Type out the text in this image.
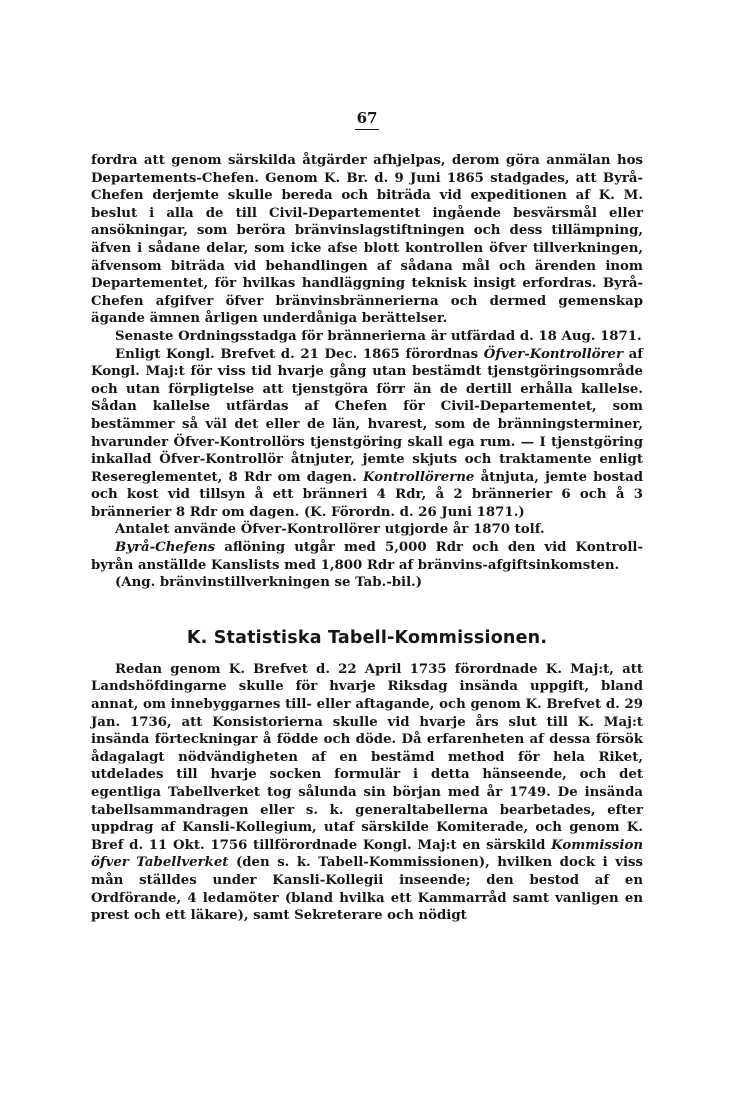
67

fordra att genom särskilda åtgärder afhjelpas, derom göra anmälan hos Departements-Chefen. Genom K. Br. d. 9 Juni 1865 stadgades, att Byrå-Chefen derjemte skulle bereda och biträda vid expeditionen af K. M. beslut i alla de till Civil-Departementet ingående besvärsmål eller ansökningar, som beröra bränvinslagstiftningen och dess tillämpning, äfven i sådane delar, som icke afse blott kontrollen öfver tillverkningen, äfvensom biträda vid behandlingen af sådana mål och ärenden inom Departementet, för hvilkas handläggning teknisk insigt erfordras. Byrå-Chefen afgifver öfver bränvinsbrännerierna och dermed gemenskap ägande ämnen årligen underdåniga berättelser.

Senaste Ordningsstadga för brännerierna är utfärdad d. 18 Aug. 1871.

Enligt Kongl. Brefvet d. 21 Dec. 1865 förordnas Öfver-Kontrollörer af Kongl. Maj:t för viss tid hvarje gång utan bestämdt tjenstgöringsområde och utan förpligtelse att tjenstgöra förr än de dertill erhålla kallelse. Sådan kallelse utfärdas af Chefen för Civil-Departementet, som bestämmer så väl det eller de län, hvarest, som de bränningsterminer, hvarunder Öfver-Kontrollörs tjenstgöring skall ega rum. — I tjenstgöring inkallad Öfver-Kontrollör åtnjuter, jemte skjuts och traktamente enligt Resereglementet, 8 Rdr om dagen. Kontrollörerne åtnjuta, jemte bostad och kost vid tillsyn å ett bränneri 4 Rdr, å 2 brännerier 6 och å 3 brännerier 8 Rdr om dagen. (K. Förordn. d. 26 Juni 1871.)

Antalet använde Öfver-Kontrollörer utgjorde år 1870 tolf.

Byrå-Chefens aflöning utgår med 5,000 Rdr och den vid Kontroll-byrån anställde Kanslists med 1,800 Rdr af bränvins-afgiftsinkomsten.

(Ang. bränvinstillverkningen se Tab.-bil.)

K. Statistiska Tabell-Kommissionen.

Redan genom K. Brefvet d. 22 April 1735 förordnade K. Maj:t, att Landshöfdingarne skulle för hvarje Riksdag insända uppgift, bland annat, om innebyggarnes till- eller aftagande, och genom K. Brefvet d. 29 Jan. 1736, att Konsistorierna skulle vid hvarje års slut till K. Maj:t insända förteckningar å födde och döde. Då erfarenheten af dessa försök ådagalagt nödvändigheten af en bestämd method för hela Riket, utdelades till hvarje socken formulär i detta hänseende, och det egentliga Tabellverket tog sålunda sin början med år 1749. De insända tabellsammandragen eller s. k. generaltabellerna bearbetades, efter uppdrag af Kansli-Kollegium, utaf särskilde Komiterade, och genom K. Bref d. 11 Okt. 1756 tillförordnade Kongl. Maj:t en särskild Kommission öfver Tabellverket (den s. k. Tabell-Kommissionen), hvilken dock i viss mån ställdes under Kansli-Kollegii inseende; den bestod af en Ordförande, 4 ledamöter (bland hvilka ett Kammarråd samt vanligen en prest och ett läkare), samt Sekreterare och nödigt
